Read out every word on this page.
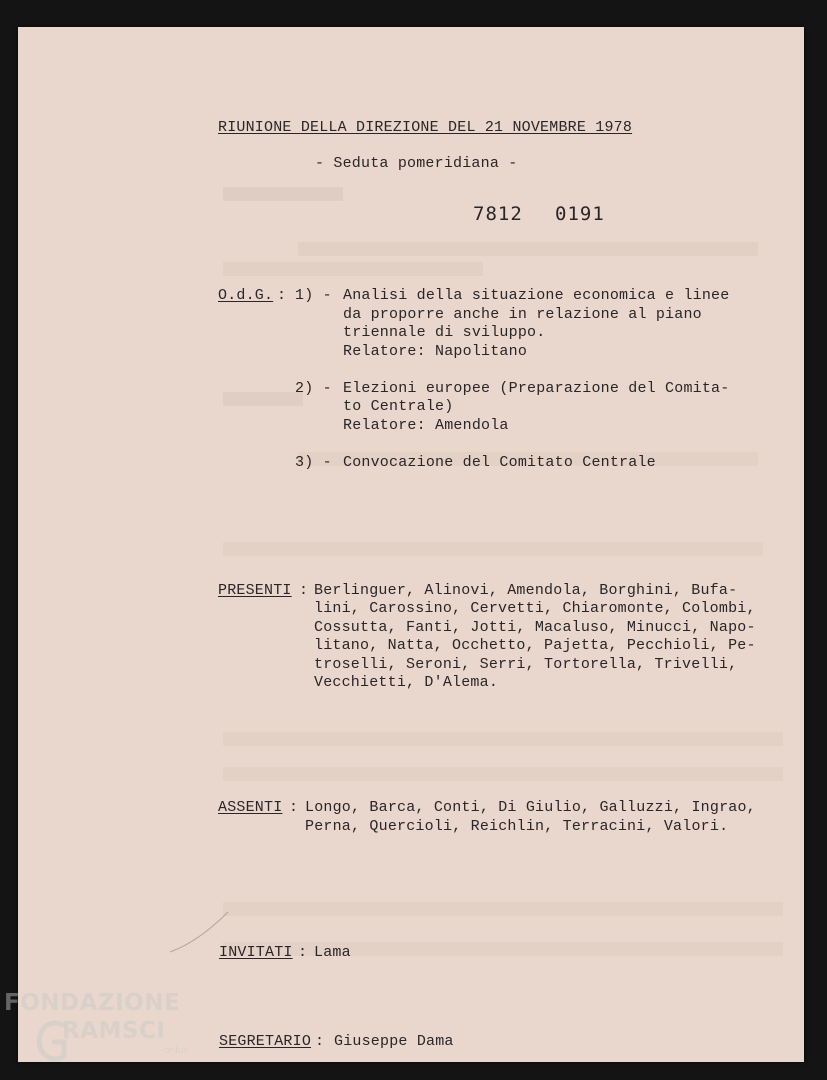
RIUNIONE DELLA DIREZIONE DEL 21 NOVEMBRE 1978
- Seduta pomeridiana -
7812 0191
O.d.G. : 1) - Analisi della situazione economica e linee
da proporre anche in relazione al piano
triennale di sviluppo.
Relatore: Napolitano
2) - Elezioni europee (Preparazione del Comita-
to Centrale)
Relatore: Amendola
3) - Convocazione del Comitato Centrale
PRESENTI : Berlinguer, Alinovi, Amendola, Borghini, Bufa-
lini, Carossino, Cervetti, Chiaromonte, Colombi,
Cossutta, Fanti, Jotti, Macaluso, Minucci, Napo-
litano, Natta, Occhetto, Pajetta, Pecchioli, Pe-
troselli, Seroni, Serri, Tortorella, Trivelli,
Vecchietti, D'Alema.
ASSENTI : Longo, Barca, Conti, Di Giulio, Galluzzi, Ingrao,
Perna, Quercioli, Reichlin, Terracini, Valori.
INVITATI : Lama
SEGRETARIO : Giuseppe Dama
FONDAZIONE
RAMSCI
onlus
